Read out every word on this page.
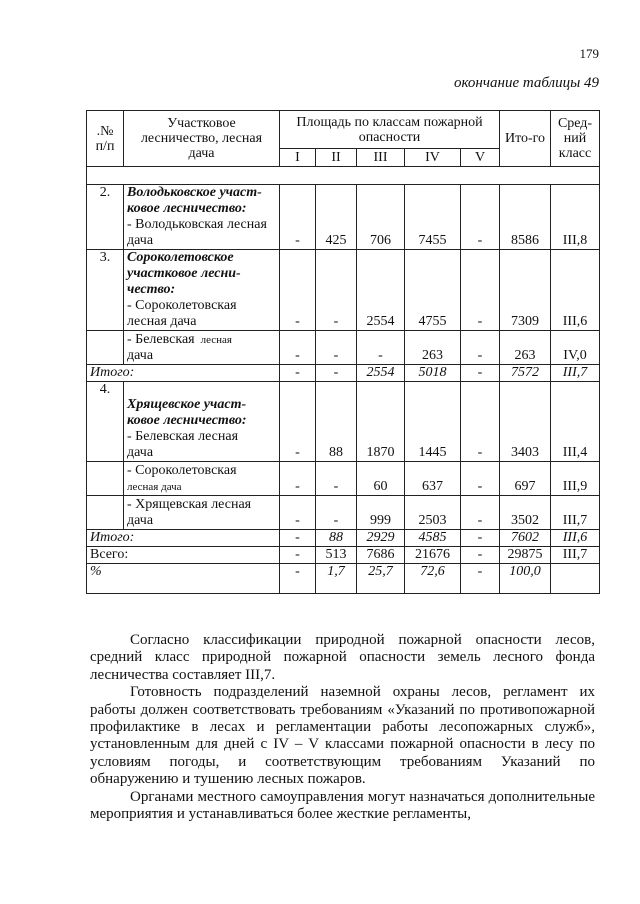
179
окончание таблицы 49
.№ п/п	Участковое лесничество, лесная дача	Площадь по классам пожарной опасности					Ито-го	Сред-ний класс
		I	II	III	IV	V		

2.	Володьковское участ-
ковое лесничество:
- Володьковская лесная
дача	-	425	706	7455	-	8586	III,8
3.	Сороколетовское
участковое лесни-
чество:
- Сороколетовская
лесная дача	-	-	2554	4755	-	7309	III,6

	- Белевская лесная
дача	-	-	-	263	-	263	IV,0
Итого:		-	-	2554	5018	-	7572	III,7
4.	Хрящевское участ-
ковое лесничество:
- Белевская лесная
дача	-	88	1870	1445	-	3403	III,4

	- Сороколетовская
лесная дача	-	-	60	637	-	697	III,9

	- Хрящевская лесная
дача	-	-	999	2503	-	3502	III,7
Итого:		-	88	2929	4585	-	7602	III,6
Всего:		-	513	7686	21676	-	29875	III,7
%		-	1,7	25,7	72,6	-	100,0	

Согласно классификации природной пожарной опасности лесов, средний класс природной пожарной опасности земель лесного фонда лесничества составляет III,7.

Готовность подразделений наземной охраны лесов, регламент их работы должен соответствовать требованиям «Указаний по противопожарной профилактике в лесах и регламентации работы лесопожарных служб», установленным для дней с IV – V классами пожарной опасности в лесу по условиям погоды, и соответствующим требованиям Указаний по обнаружению и тушению лесных пожаров.

Органами местного самоуправления могут назначаться дополнительные мероприятия и устанавливаться более жесткие регламенты,
